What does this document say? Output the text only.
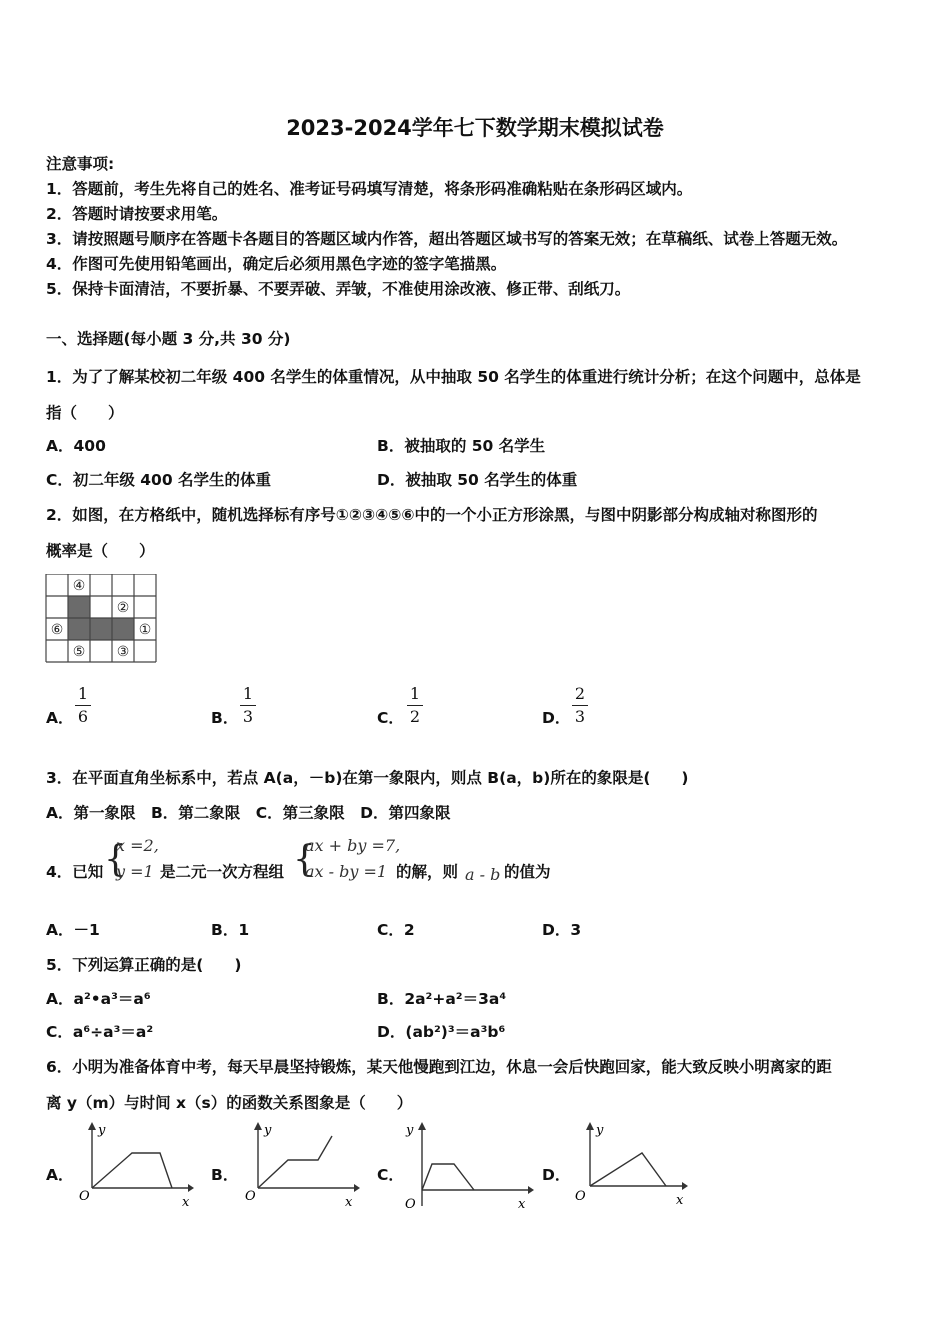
2023-2024学年七下数学期末模拟试卷
注意事项:
1．答题前，考生先将自己的姓名、准考证号码填写清楚，将条形码准确粘贴在条形码区域内。
2．答题时请按要求用笔。
3．请按照题号顺序在答题卡各题目的答题区域内作答，超出答题区域书写的答案无效；在草稿纸、试卷上答题无效。
4．作图可先使用铅笔画出，确定后必须用黑色字迹的签字笔描黑。
5．保持卡面清洁，不要折暴、不要弄破、弄皱，不准使用涂改液、修正带、刮纸刀。
一、选择题(每小题 3 分,共 30 分)
1．为了了解某校初二年级 400 名学生的体重情况，从中抽取 50 名学生的体重进行统计分析；在这个问题中，总体是
指（　　）
A．400	B．被抽取的 50 名学生
C．初二年级 400 名学生的体重	D．被抽取 50 名学生的体重
2．如图，在方格纸中，随机选择标有序号①②③④⑤⑥中的一个小正方形涂黑，与图中阴影部分构成轴对称图形的
概率是（　　）
④
②
⑥	①
⑤ ③
A．
1
6	B．
1
3	C．
1
2	D．
2
3
3．在平面直角坐标系中，若点 A(a，－b)在第一象限内，则点 B(a，b)所在的象限是(　　)
A．第一象限　B．第二象限　C．第三象限　D．第四象限
4．已知 {
x =2,
y =1 是二元一次方程组 {
ax + by =7,
ax - by =1 的解，则 a - b 的值为
A．－1	B．1	C．2	D．3
5．下列运算正确的是(　　)
A．a²•a³＝a⁶	B．2a²+a²＝3a⁴
C．a⁶÷a³＝a²	D．(ab²)³＝a³b⁶
6．小明为准备体育中考，每天早晨坚持锻炼，某天他慢跑到江边，休息一会后快跑回家，能大致反映小明离家的距
离 y（m）与时间 x（s）的函数关系图象是（　　）
A．
O	x
y
B．
O	x
y
C．
O	x
y
D．
O	x
y
